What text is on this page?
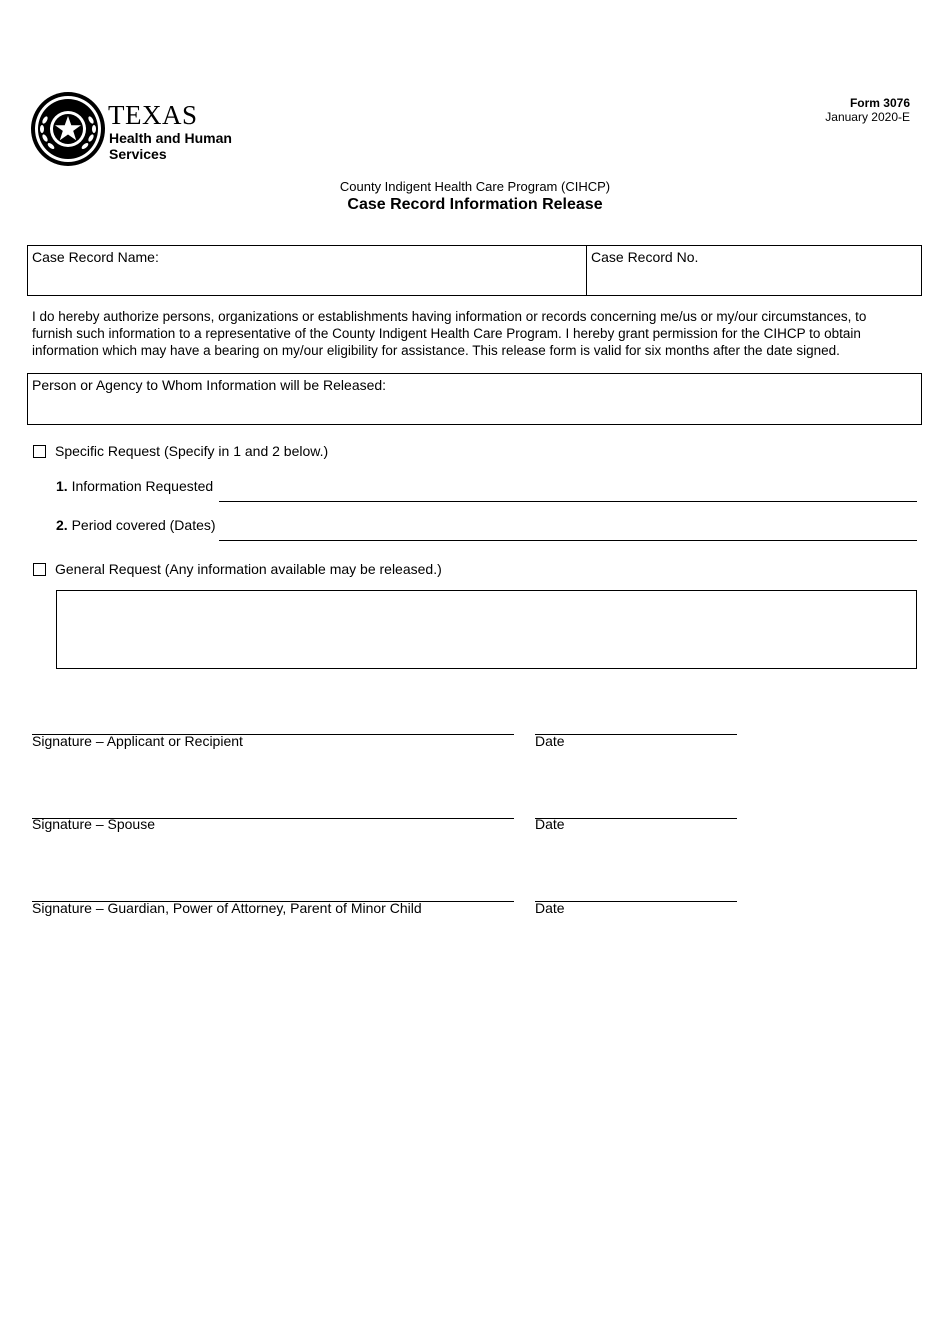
TEXAS
Health and Human
Services
Form 3076
January 2020-E
County Indigent Health Care Program (CIHCP)
Case Record Information Release
Case Record Name:	Case Record No.
I do hereby authorize persons, organizations or establishments having information or records concerning me/us or my/our circumstances, to furnish such information to a representative of the County Indigent Health Care Program. I hereby grant permission for the CIHCP to obtain information which may have a bearing on my/our eligibility for assistance. This release form is valid for six months after the date signed.
Person or Agency to Whom Information will be Released:
Specific Request (Specify in 1 and 2 below.)
1. Information Requested
2. Period covered (Dates)
General Request (Any information available may be released.)
Signature – Applicant or Recipient	Date
Signature – Spouse	Date
Signature – Guardian, Power of Attorney, Parent of Minor Child	Date
